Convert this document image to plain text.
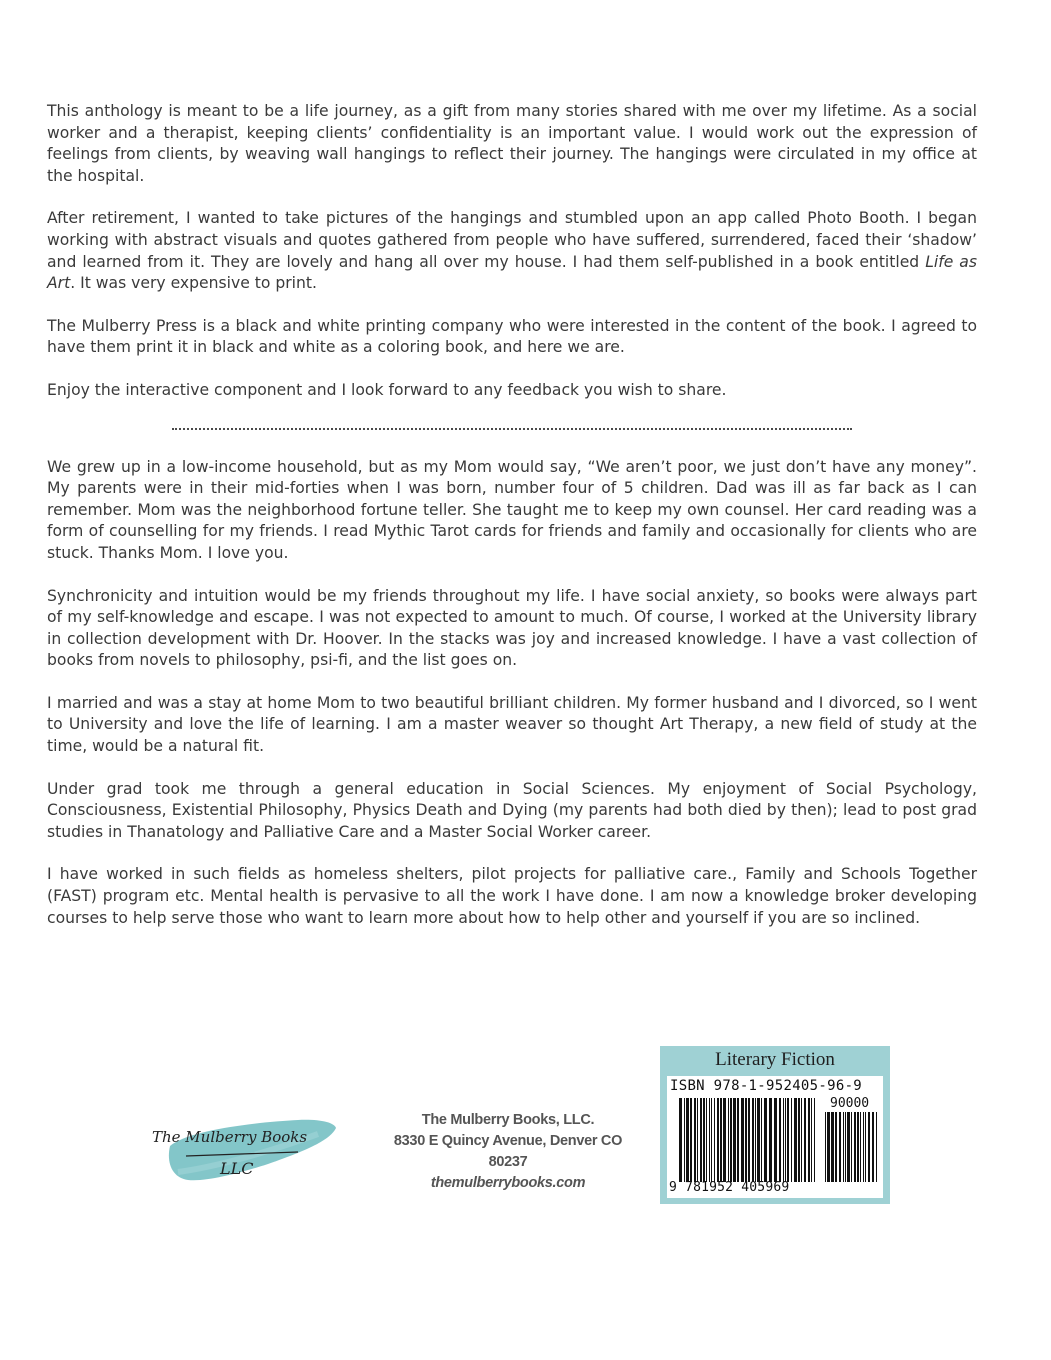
This anthology is meant to be a life journey, as a gift from many stories shared with me over my lifetime. As a social worker and a therapist, keeping clients’ confidentiality is an important value. I would work out the expression of feelings from clients, by weaving wall hangings to reflect their journey. The hangings were circulated in my office at the hospital.

After retirement, I wanted to take pictures of the hangings and stumbled upon an app called Photo Booth. I began working with abstract visuals and quotes gathered from people who have suffered, surrendered, faced their ‘shadow’ and learned from it. They are lovely and hang all over my house. I had them self-published in a book entitled Life as Art. It was very expensive to print.

The Mulberry Press is a black and white printing company who were interested in the content of the book. I agreed to have them print it in black and white as a coloring book, and here we are.

Enjoy the interactive component and I look forward to any feedback you wish to share.

We grew up in a low-income household, but as my Mom would say, “We aren’t poor, we just don’t have any money”. My parents were in their mid-forties when I was born, number four of 5 children. Dad was ill as far back as I can remember. Mom was the neighborhood fortune teller. She taught me to keep my own counsel. Her card reading was a form of counselling for my friends. I read Mythic Tarot cards for friends and family and occasionally for clients who are stuck. Thanks Mom. I love you.

Synchronicity and intuition would be my friends throughout my life. I have social anxiety, so books were always part of my self-knowledge and escape. I was not expected to amount to much. Of course, I worked at the University library in collection development with Dr. Hoover. In the stacks was joy and increased knowledge. I have a vast collection of books from novels to philosophy, psi-fi, and the list goes on.

I married and was a stay at home Mom to two beautiful brilliant children. My former husband and I divorced, so I went to University and love the life of learning. I am a master weaver so thought Art Therapy, a new field of study at the time, would be a natural fit.

Under grad took me through a general education in Social Sciences. My enjoyment of Social Psychology, Consciousness, Existential Philosophy, Physics Death and Dying (my parents had both died by then); lead to post grad studies in Thanatology and Palliative Care and a Master Social Worker career.

I have worked in such fields as homeless shelters, pilot projects for palliative care., Family and Schools Together (FAST) program etc. Mental health is pervasive to all the work I have done. I am now a knowledge broker developing courses to help serve those who want to learn more about how to help other and yourself if you are so inclined.

The Mulberry Books
LLC
The Mulberry Books, LLC.
8330 E Quincy Avenue, Denver CO 80237
themulberrybooks.com
Literary Fiction
ISBN 978-1-952405-96-9
90000
9 781952 405969
